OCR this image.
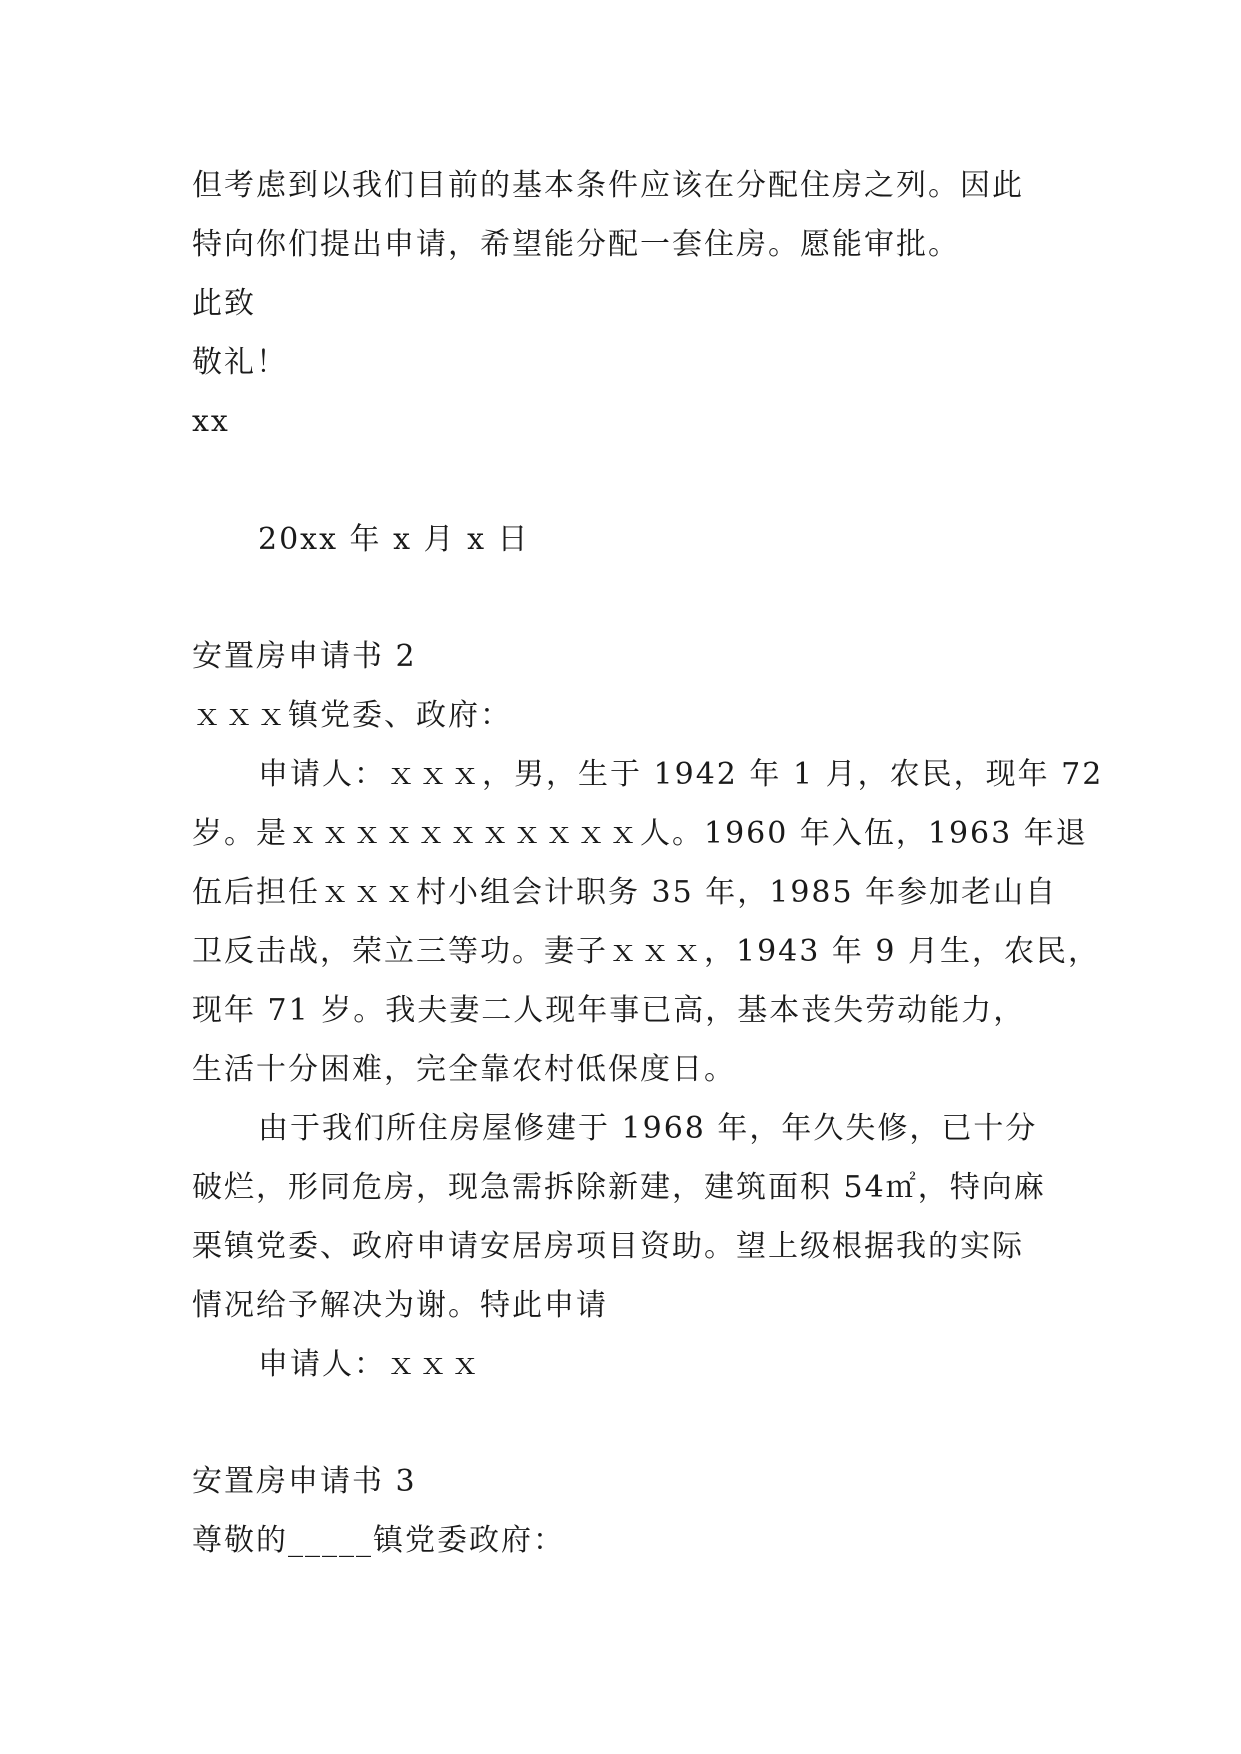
但考虑到以我们目前的基本条件应该在分配住房之列。因此
特向你们提出申请，希望能分配一套住房。愿能审批。
此致
敬礼！
xx
20xx 年 x 月 x 日
安置房申请书 2
ｘｘｘ镇党委、政府：
申请人：ｘｘｘ，男，生于 1942 年 1 月，农民，现年 72
岁。是ｘｘｘｘｘｘｘｘｘｘｘ人。1960 年入伍，1963 年退
伍后担任ｘｘｘ村小组会计职务 35 年，1985 年参加老山自
卫反击战，荣立三等功。妻子ｘｘｘ，1943 年 9 月生，农民，
现年 71 岁。我夫妻二人现年事已高，基本丧失劳动能力，
生活十分困难，完全靠农村低保度日。
由于我们所住房屋修建于 1968 年，年久失修，已十分
破烂，形同危房，现急需拆除新建，建筑面积 54㎡，特向麻
栗镇党委、政府申请安居房项目资助。望上级根据我的实际
情况给予解决为谢。特此申请
申请人：ｘｘｘ
安置房申请书 3
尊敬的_____镇党委政府：
